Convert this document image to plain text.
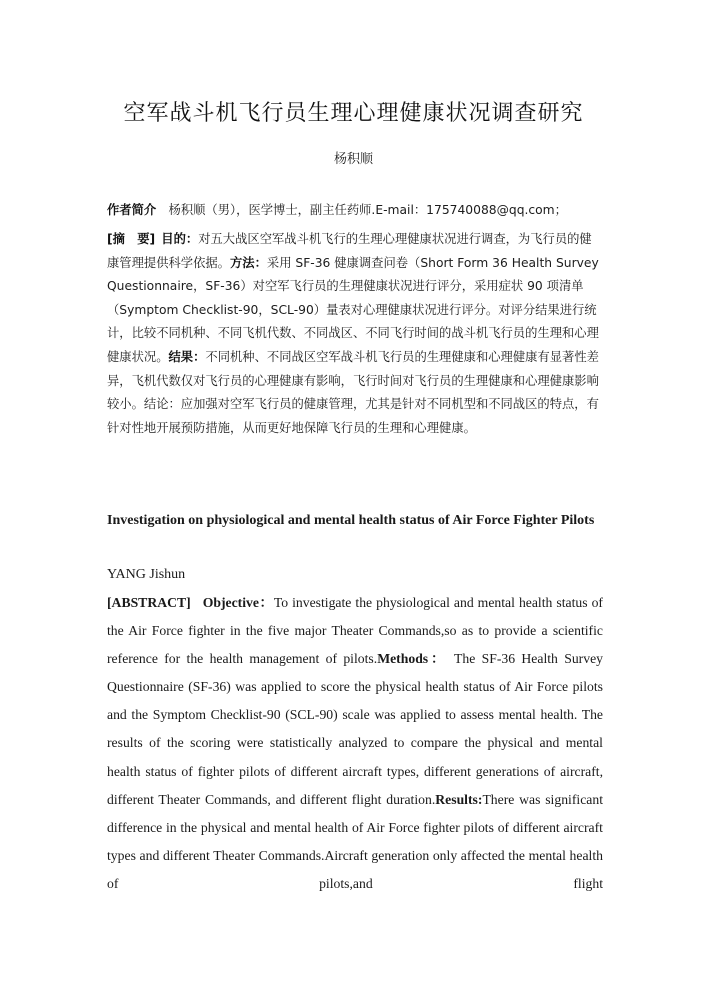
空军战斗机飞行员生理心理健康状况调查研究
杨积顺

作者简介　 杨积顺（男），医学博士，副主任药师.E-mail：175740088@qq.com；

[摘　要]  目的：对五大战区空军战斗机飞行的生理心理健康状况进行调查，为飞行员的健康管理提供科学依据。方法：采用 SF-36 健康调查问卷（Short Form 36 Health Survey Questionnaire，SF-36）对空军飞行员的生理健康状况进行评分，采用症状 90 项清单（Symptom Checklist-90，SCL-90）量表对心理健康状况进行评分。对评分结果进行统计，比较不同机种、不同飞机代数、不同战区、不同飞行时间的战斗机飞行员的生理和心理健康状况。结果：不同机种、不同战区空军战斗机飞行员的生理健康和心理健康有显著性差异，飞机代数仅对飞行员的心理健康有影响，飞行时间对飞行员的生理健康和心理健康影响较小。结论：应加强对空军飞行员的健康管理，尤其是针对不同机型和不同战区的特点，有针对性地开展预防措施，从而更好地保障飞行员的生理和心理健康。

Investigation on physiological and mental health status of Air Force Fighter Pilots
YANG Jishun
[ABSTRACT] Objective：To investigate the physiological and mental health status of the Air Force fighter in the five major Theater Commands,so as to provide a scientific reference for the health management of pilots.Methods： The SF-36 Health Survey Questionnaire (SF-36) was applied to score the physical health status of Air Force pilots and the Symptom Checklist-90 (SCL-90) scale was applied to assess mental health. The results of the scoring were statistically analyzed to compare the physical and mental health status of fighter pilots of different aircraft types, different generations of aircraft, different Theater Commands, and different flight duration.Results:There was significant difference in the physical and mental health of Air Force fighter pilots of different aircraft types and different Theater Commands.Aircraft generation only affected the mental health of pilots,and flight
